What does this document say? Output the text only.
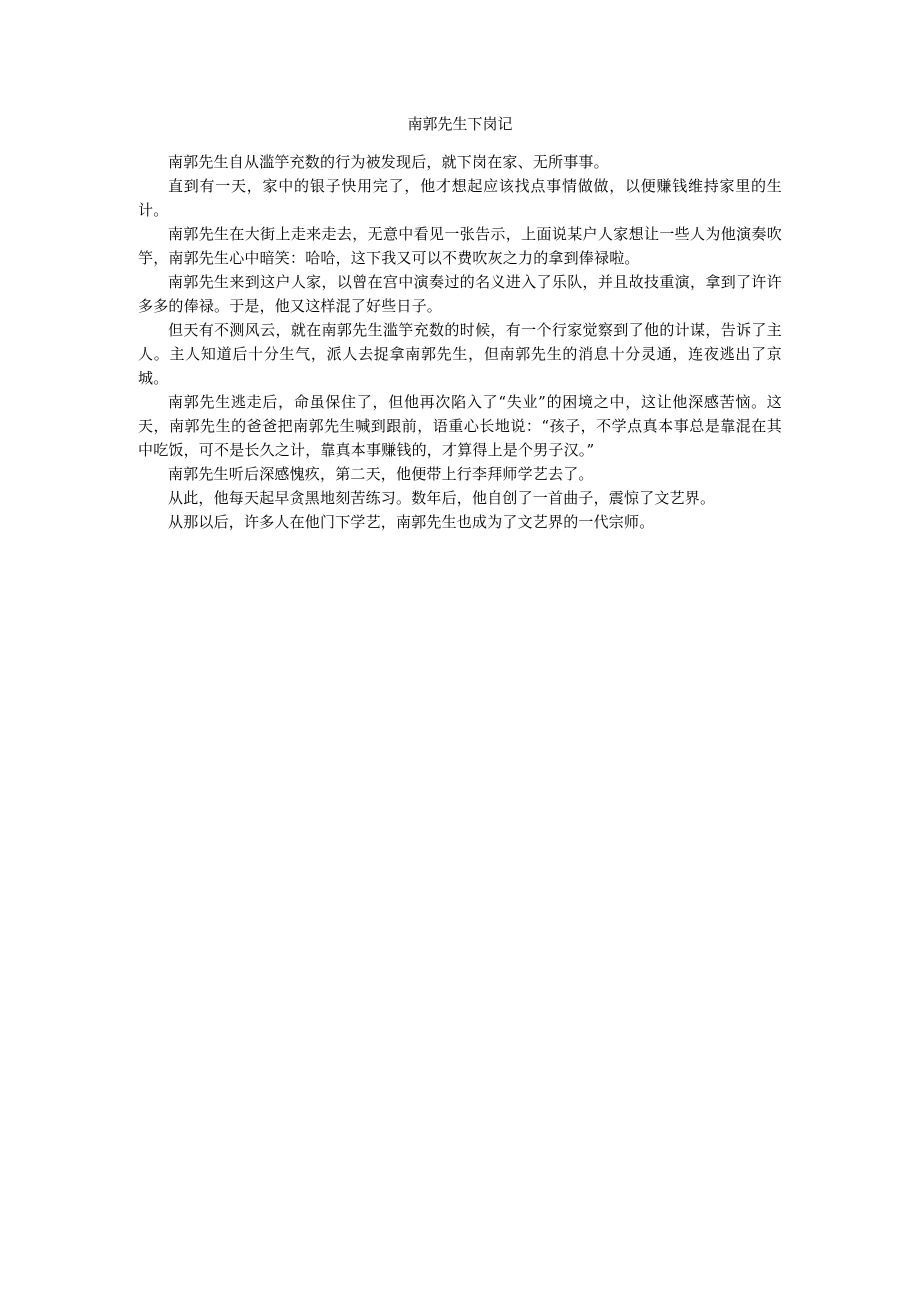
南郭先生下岗记

南郭先生自从滥竽充数的行为被发现后，就下岗在家、无所事事。

直到有一天，家中的银子快用完了，他才想起应该找点事情做做，以便赚钱维持家里的生计。

南郭先生在大街上走来走去，无意中看见一张告示，上面说某户人家想让一些人为他演奏吹竽，南郭先生心中暗笑：哈哈，这下我又可以不费吹灰之力的拿到俸禄啦。

南郭先生来到这户人家，以曾在宫中演奏过的名义进入了乐队，并且故技重演，拿到了许许多多的俸禄。于是，他又这样混了好些日子。

但天有不测风云，就在南郭先生滥竽充数的时候，有一个行家觉察到了他的计谋，告诉了主人。主人知道后十分生气，派人去捉拿南郭先生，但南郭先生的消息十分灵通，连夜逃出了京城。

南郭先生逃走后，命虽保住了，但他再次陷入了“失业”的困境之中，这让他深感苦恼。这天，南郭先生的爸爸把南郭先生喊到跟前，语重心长地说：“孩子，不学点真本事总是靠混在其中吃饭，可不是长久之计，靠真本事赚钱的，才算得上是个男子汉。”

南郭先生听后深感愧疚，第二天，他便带上行李拜师学艺去了。

从此，他每天起早贪黑地刻苦练习。数年后，他自创了一首曲子，震惊了文艺界。

从那以后，许多人在他门下学艺，南郭先生也成为了文艺界的一代宗师。
